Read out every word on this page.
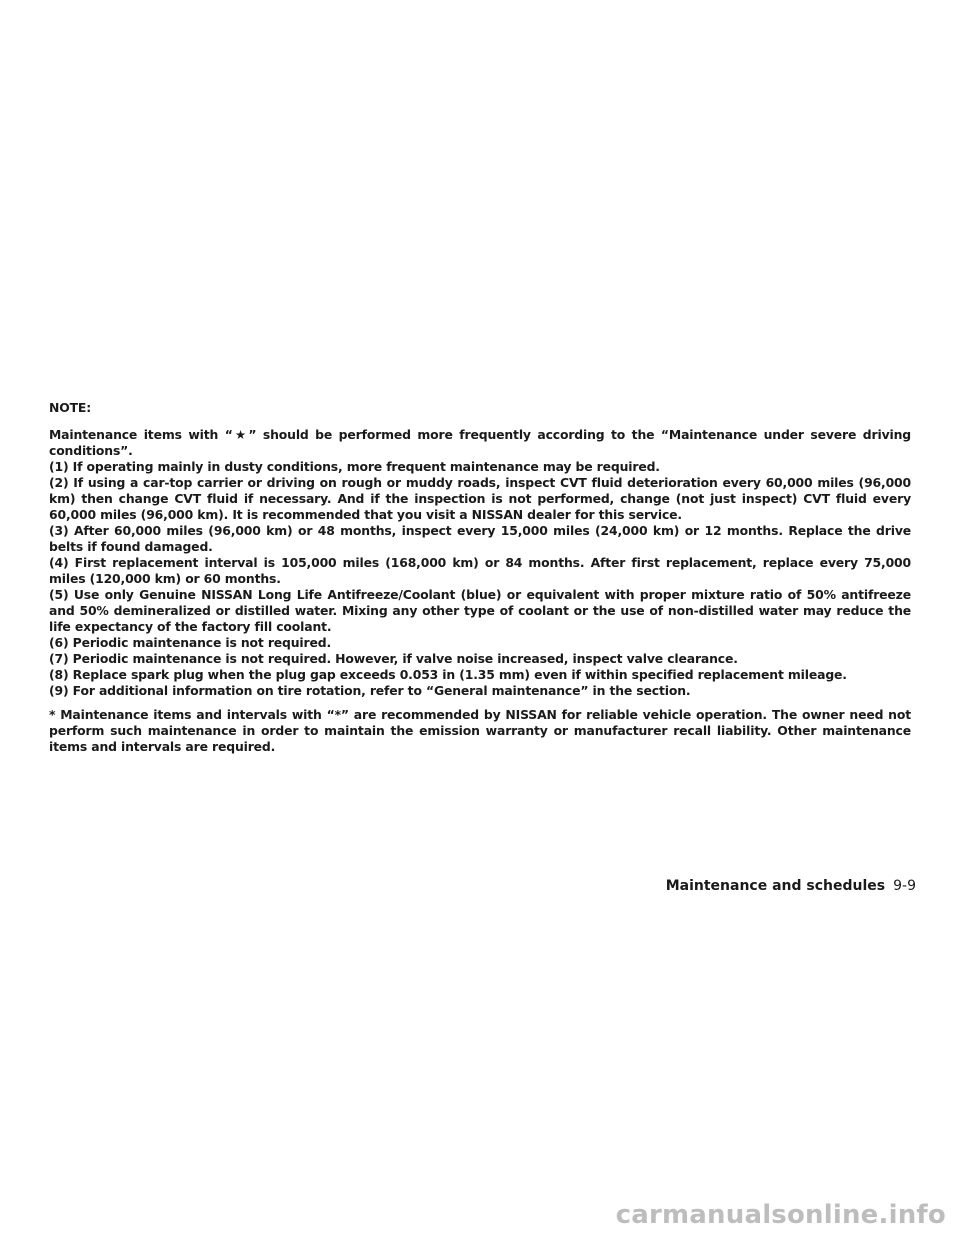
NOTE:

Maintenance items with “★” should be performed more frequently according to the “Maintenance under severe driving conditions”.

(1) If operating mainly in dusty conditions, more frequent maintenance may be required.
(2) If using a car-top carrier or driving on rough or muddy roads, inspect CVT fluid deterioration every 60,000 miles (96,000 km) then change CVT fluid if necessary. And if the inspection is not performed, change (not just inspect) CVT fluid every 60,000 miles (96,000 km). It is recommended that you visit a NISSAN dealer for this service.
(3) After 60,000 miles (96,000 km) or 48 months, inspect every 15,000 miles (24,000 km) or 12 months. Replace the drive belts if found damaged.
(4) First replacement interval is 105,000 miles (168,000 km) or 84 months. After first replacement, replace every 75,000 miles (120,000 km) or 60 months.
(5) Use only Genuine NISSAN Long Life Antifreeze/Coolant (blue) or equivalent with proper mixture ratio of 50% antifreeze and 50% demineralized or distilled water. Mixing any other type of coolant or the use of non-distilled water may reduce the life expectancy of the factory fill coolant.
(6) Periodic maintenance is not required.
(7) Periodic maintenance is not required. However, if valve noise increased, inspect valve clearance.
(8) Replace spark plug when the plug gap exceeds 0.053 in (1.35 mm) even if within specified replacement mileage.
(9) For additional information on tire rotation, refer to “General maintenance” in the section.

* Maintenance items and intervals with “*” are recommended by NISSAN for reliable vehicle operation. The owner need not perform such maintenance in order to maintain the emission warranty or manufacturer recall liability. Other maintenance items and intervals are required.

Maintenance and schedules 9-9
carmanualsonline.info
